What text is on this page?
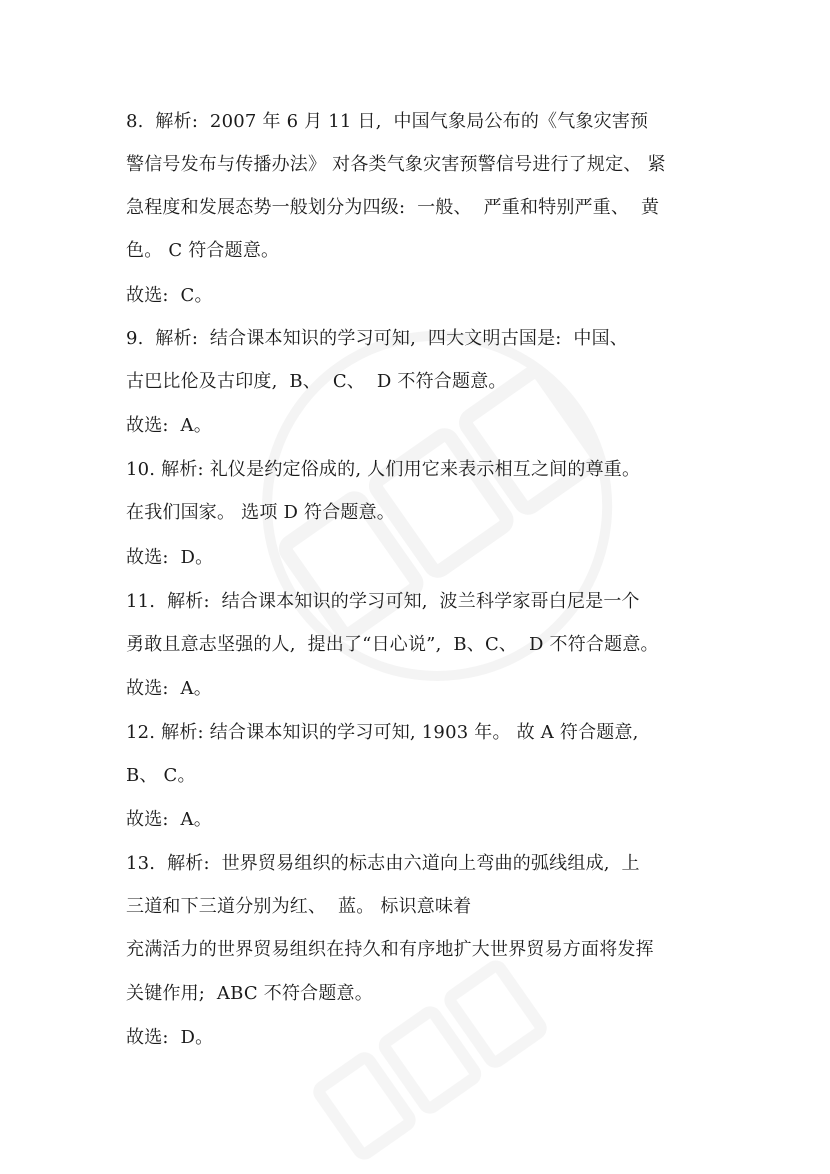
8.  解析:  2007 年 6 月 11 日,  中国气象局公布的《气象灾害预
警信号发布与传播办法》 对各类气象灾害预警信号进行了规定、 紧
急程度和发展态势一般划分为四级:  一般、  严重和特别严重、  黄
色。 C 符合题意。
故选:  C。
9.  解析:  结合课本知识的学习可知,  四大文明古国是:  中国、
古巴比伦及古印度,  B、  C、  D 不符合题意。
故选:  A。
10. 解析: 礼仪是约定俗成的, 人们用它来表示相互之间的尊重。
在我们国家。 选项 D 符合题意。
故选:  D。
11.  解析:  结合课本知识的学习可知,  波兰科学家哥白尼是一个
勇敢且意志坚强的人,  提出了“日心说”,  B、C、  D 不符合题意。
故选:  A。
12. 解析: 结合课本知识的学习可知, 1903 年。 故 A 符合题意,
B、 C。
故选:  A。
13.  解析:  世界贸易组织的标志由六道向上弯曲的弧线组成,  上
三道和下三道分别为红、  蓝。 标识意味着
充满活力的世界贸易组织在持久和有序地扩大世界贸易方面将发挥
关键作用;  ABC 不符合题意。
故选:  D。
